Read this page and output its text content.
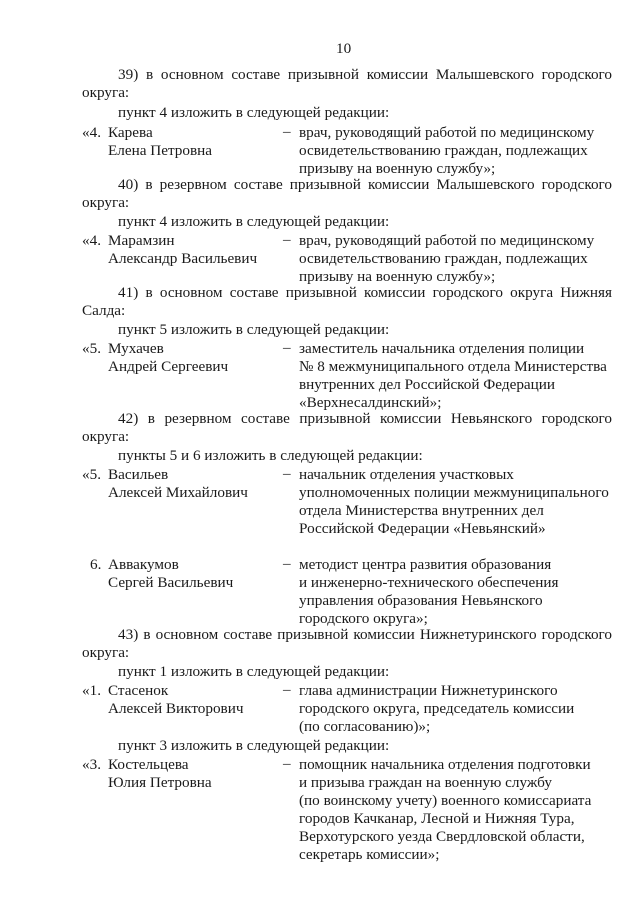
10
39) в основном составе призывной комиссии Малышевского городского
округа:
пункт 4 изложить в следующей редакции:
«4. Карева
Елена Петровна
– врач, руководящий работой по медицинскому
освидетельствованию граждан, подлежащих
призыву на военную службу»;
40) в резервном составе призывной комиссии Малышевского городского
округа:
пункт 4 изложить в следующей редакции:
«4. Марамзин
Александр Васильевич
– врач, руководящий работой по медицинскому
освидетельствованию граждан, подлежащих
призыву на военную службу»;
41) в основном составе призывной комиссии городского округа Нижняя
Салда:
пункт 5 изложить в следующей редакции:
«5. Мухачев
Андрей Сергеевич
– заместитель начальника отделения полиции
№ 8 межмуниципального отдела Министерства
внутренних дел Российской Федерации
«Верхнесалдинский»;
42) в резервном составе призывной комиссии Невьянского городского
округа:
пункты 5 и 6 изложить в следующей редакции:
«5. Васильев
Алексей Михайлович
– начальник отделения участковых
уполномоченных полиции межмуниципального
отдела Министерства внутренних дел
Российской Федерации «Невьянский»
6. Аввакумов
Сергей Васильевич
– методист центра развития образования
и инженерно-технического обеспечения
управления образования Невьянского
городского округа»;
43) в основном составе призывной комиссии Нижнетуринского городского
округа:
пункт 1 изложить в следующей редакции:
«1. Стасенок
Алексей Викторович
– глава администрации Нижнетуринского
городского округа, председатель комиссии
(по согласованию)»;
пункт 3 изложить в следующей редакции:
«3. Костельцева
Юлия Петровна
– помощник начальника отделения подготовки
и призыва граждан на военную службу
(по воинскому учету) военного комиссариата
городов Качканар, Лесной и Нижняя Тура,
Верхотурского уезда Свердловской области,
секретарь комиссии»;
